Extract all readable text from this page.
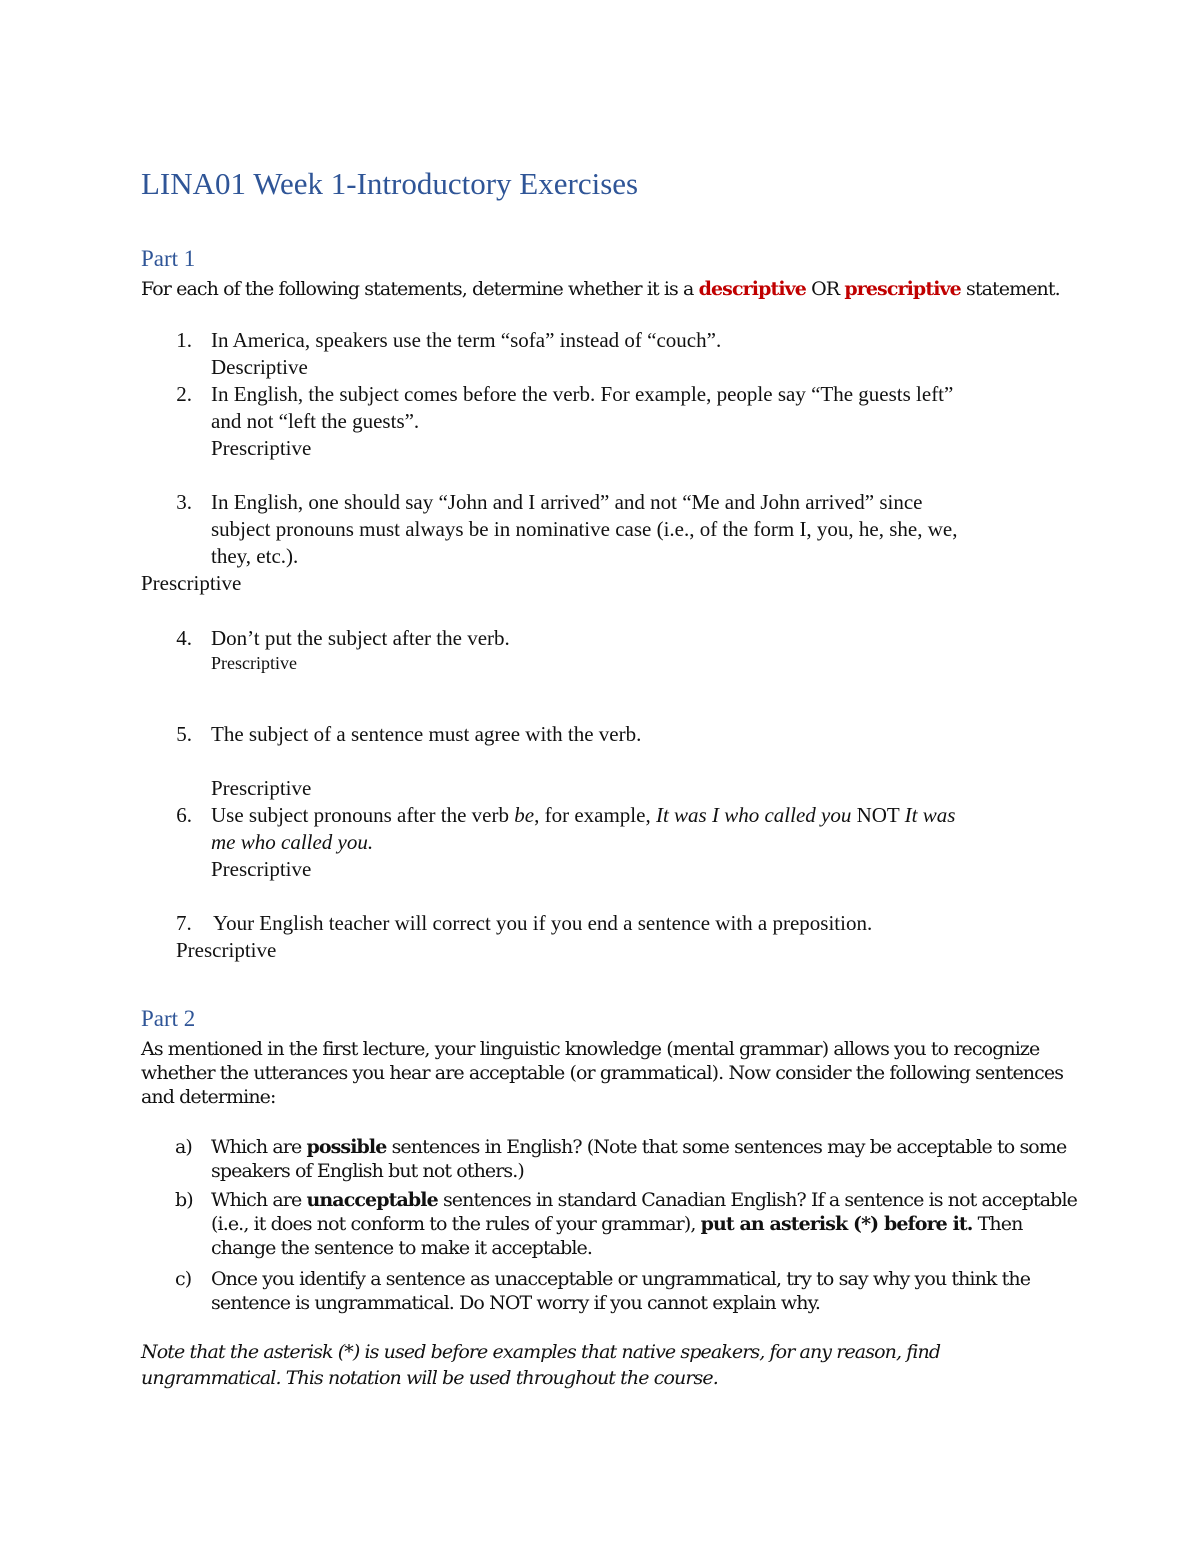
LINA01 Week 1-Introductory Exercises
Part 1
For each of the following statements, determine whether it is a descriptive OR prescriptive statement.
1. In America, speakers use the term “sofa” instead of “couch”.
Descriptive
2. In English, the subject comes before the verb. For example, people say “The guests left”
and not “left the guests”.
Prescriptive
3. In English, one should say “John and I arrived” and not “Me and John arrived” since
subject pronouns must always be in nominative case (i.e., of the form I, you, he, she, we,
they, etc.).
Prescriptive
4. Don’t put the subject after the verb.
Prescriptive
5. The subject of a sentence must agree with the verb.
Prescriptive
6. Use subject pronouns after the verb be, for example, It was I who called you NOT It was
me who called you.
Prescriptive
7. Your English teacher will correct you if you end a sentence with a preposition.
Prescriptive
Part 2
As mentioned in the first lecture, your linguistic knowledge (mental grammar) allows you to recognize
whether the utterances you hear are acceptable (or grammatical). Now consider the following sentences
and determine:
a) Which are possible sentences in English? (Note that some sentences may be acceptable to some
speakers of English but not others.)
b) Which are unacceptable sentences in standard Canadian English? If a sentence is not acceptable
(i.e., it does not conform to the rules of your grammar), put an asterisk (*) before it. Then
change the sentence to make it acceptable.
c) Once you identify a sentence as unacceptable or ungrammatical, try to say why you think the
sentence is ungrammatical. Do NOT worry if you cannot explain why.
Note that the asterisk (*) is used before examples that native speakers, for any reason, find
ungrammatical. This notation will be used throughout the course.
